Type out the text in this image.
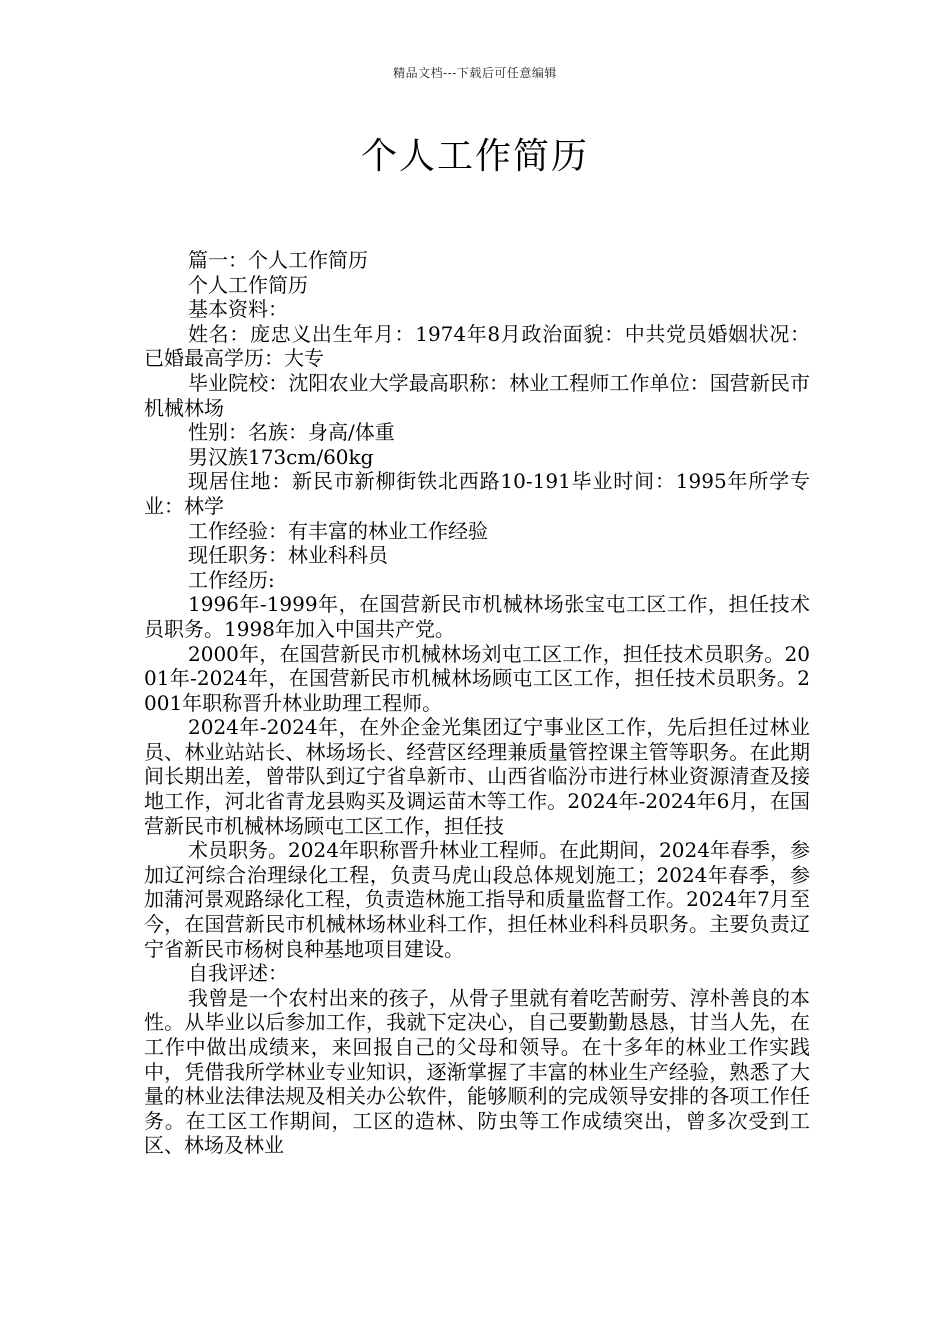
精品文档---下载后可任意编辑
个人工作简历

篇一：个人工作简历

个人工作简历

基本资料：

姓名：庞忠义出生年月：1974年8月政治面貌：中共党员婚姻状况：已婚最高学历：大专

毕业院校：沈阳农业大学最高职称：林业工程师工作单位：国营新民市机械林场

性别：名族：身高/体重

男汉族173cm/60kg

现居住地：新民市新柳街铁北西路10-191毕业时间：1995年所学专业：林学

工作经验：有丰富的林业工作经验

现任职务：林业科科员

工作经历:

1996年-1999年，在国营新民市机械林场张宝屯工区工作，担任技术员职务。1998年加入中国共产党。

2000年，在国营新民市机械林场刘屯工区工作，担任技术员职务。2001年-2024年，在国营新民市机械林场顾屯工区工作，担任技术员职务。2001年职称晋升林业助理工程师。

2024年-2024年，在外企金光集团辽宁事业区工作，先后担任过林业员、林业站站长、林场场长、经营区经理兼质量管控课主管等职务。在此期间长期出差，曾带队到辽宁省阜新市、山西省临汾市进行林业资源清查及接地工作，河北省青龙县购买及调运苗木等工作。2024年-2024年6月，在国营新民市机械林场顾屯工区工作，担任技

术员职务。2024年职称晋升林业工程师。在此期间，2024年春季，参加辽河综合治理绿化工程，负责马虎山段总体规划施工；2024年春季，参加蒲河景观路绿化工程，负责造林施工指导和质量监督工作。2024年7月至今，在国营新民市机械林场林业科工作，担任林业科科员职务。主要负责辽宁省新民市杨树良种基地项目建设。

自我评述：

我曾是一个农村出来的孩子，从骨子里就有着吃苦耐劳、淳朴善良的本性。从毕业以后参加工作，我就下定决心，自己要勤勤恳恳，甘当人先，在工作中做出成绩来，来回报自己的父母和领导。在十多年的林业工作实践中，凭借我所学林业专业知识，逐渐掌握了丰富的林业生产经验，熟悉了大量的林业法律法规及相关办公软件，能够顺利的完成领导安排的各项工作任务。在工区工作期间，工区的造林、防虫等工作成绩突出，曾多次受到工区、林场及林业
